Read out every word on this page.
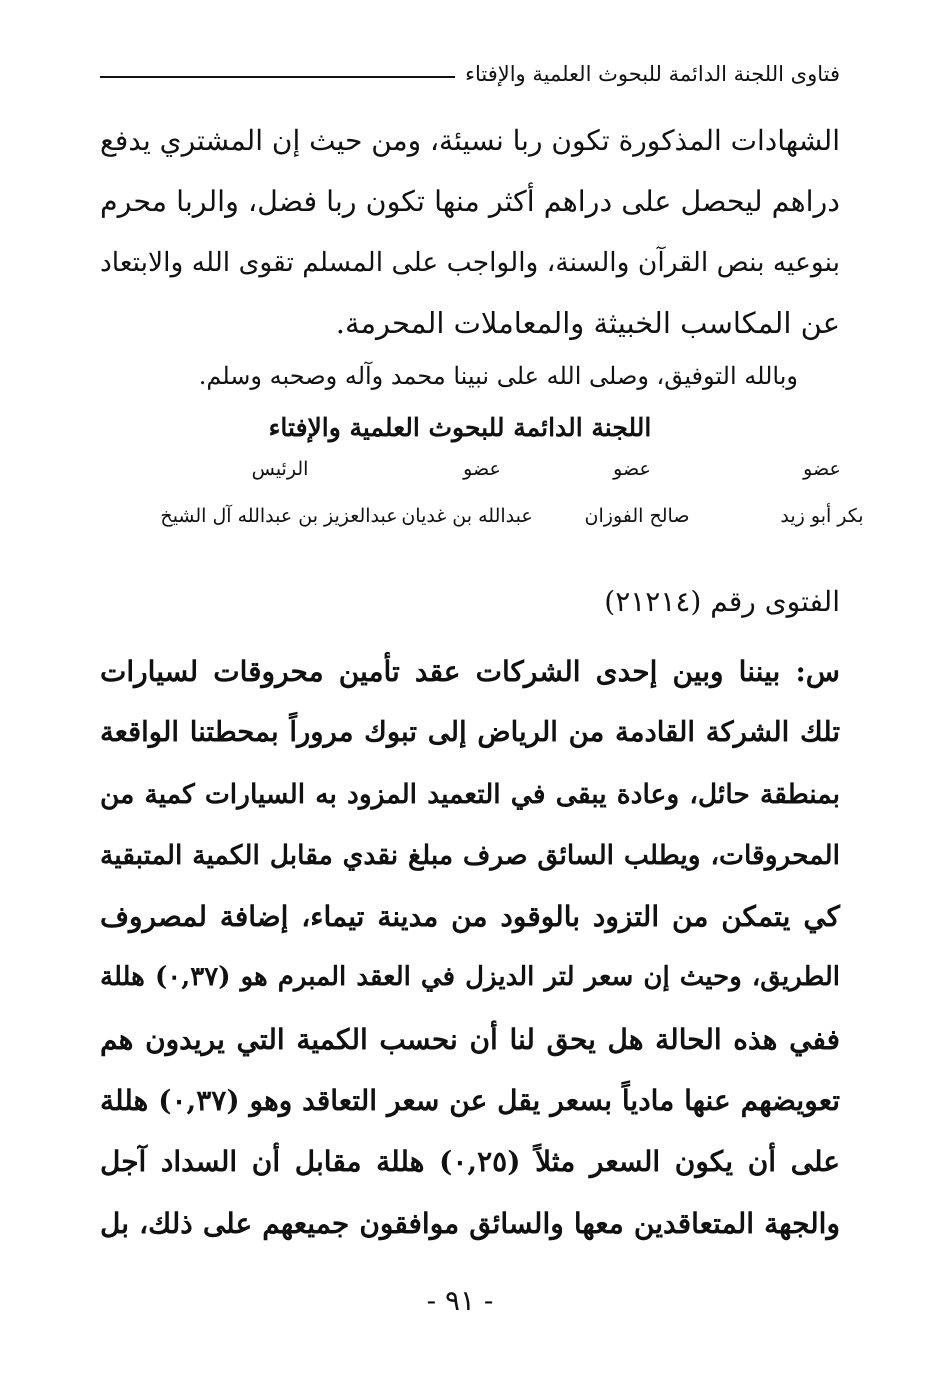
فتاوى اللجنة الدائمة للبحوث العلمية والإفتاء
الشهادات المذكورة تكون ربا نسيئة، ومن حيث إن المشتري يدفع
دراهم ليحصل على دراهم أكثر منها تكون ربا فضل، والربا محرم
بنوعيه بنص القرآن والسنة، والواجب على المسلم تقوى الله والابتعاد
عن المكاسب الخبيثة والمعاملات المحرمة.
وبالله التوفيق، وصلى الله على نبينا محمد وآله وصحبه وسلم.
اللجنة الدائمة للبحوث العلمية والإفتاء
عضو
عضو
عضو
الرئيس
بكر أبو زيد
صالح الفوزان
عبدالله بن غديان
عبدالعزيز بن عبدالله آل الشيخ
الفتوى رقم (٢١٢١٤)
س: بيننا وبين إحدى الشركات عقد تأمين محروقات لسيارات
تلك الشركة القادمة من الرياض إلى تبوك مروراً بمحطتنا الواقعة
بمنطقة حائل، وعادة يبقى في التعميد المزود به السيارات كمية من
المحروقات، ويطلب السائق صرف مبلغ نقدي مقابل الكمية المتبقية
كي يتمكن من التزود بالوقود من مدينة تيماء، إضافة لمصروف
الطريق، وحيث إن سعر لتر الديزل في العقد المبرم هو (٠,٣٧) هللة
ففي هذه الحالة هل يحق لنا أن نحسب الكمية التي يريدون هم
تعويضهم عنها مادياً بسعر يقل عن سعر التعاقد وهو (٠,٣٧) هللة
على أن يكون السعر مثلاً (٠,٢٥) هللة مقابل أن السداد آجل
والجهة المتعاقدين معها والسائق موافقون جميعهم على ذلك، بل
- ٩١ -
